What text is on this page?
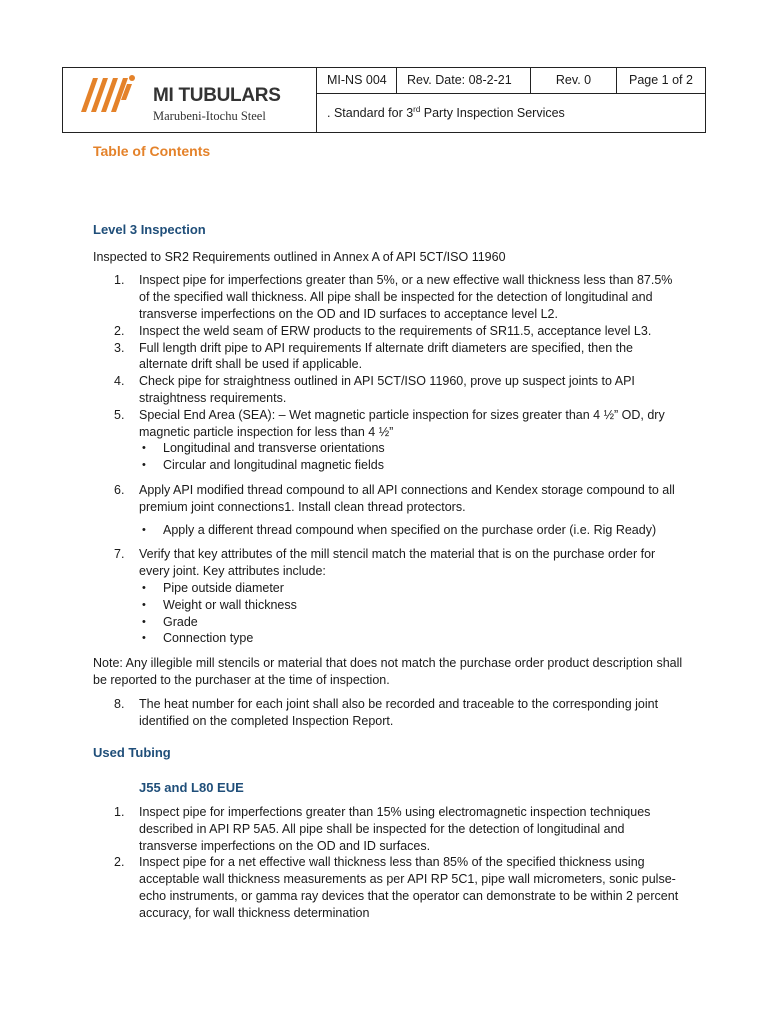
MI TUBULARS
Marubeni-Itochu Steel
MI-NS 004	Rev. Date: 08-2-21	Rev. 0	Page 1 of 2
. Standard for 3rd Party Inspection Services
Table of Contents
Level 3 Inspection

Inspected to SR2 Requirements outlined in Annex A of API 5CT/ISO 11960

1. Inspect pipe for imperfections greater than 5%, or a new effective wall thickness less than 87.5% of the specified wall thickness. All pipe shall be inspected for the detection of longitudinal and transverse imperfections on the OD and ID surfaces to acceptance level L2.
2. Inspect the weld seam of ERW products to the requirements of SR11.5, acceptance level L3.
3. Full length drift pipe to API requirements If alternate drift diameters are specified, then the alternate drift shall be used if applicable.
4. Check pipe for straightness outlined in API 5CT/ISO 11960, prove up suspect joints to API straightness requirements.
5. Special End Area (SEA): – Wet magnetic particle inspection for sizes greater than 4 ½” OD, dry magnetic particle inspection for less than 4 ½”
• Longitudinal and transverse orientations
• Circular and longitudinal magnetic fields
6. Apply API modified thread compound to all API connections and Kendex storage compound to all premium joint connections1. Install clean thread protectors.
• Apply a different thread compound when specified on the purchase order (i.e. Rig Ready)
7. Verify that key attributes of the mill stencil match the material that is on the purchase order for every joint. Key attributes include:
• Pipe outside diameter
• Weight or wall thickness
• Grade
• Connection type

Note: Any illegible mill stencils or material that does not match the purchase order product description shall be reported to the purchaser at the time of inspection.

8. The heat number for each joint shall also be recorded and traceable to the corresponding joint identified on the completed Inspection Report.
Used Tubing
J55 and L80 EUE
1. Inspect pipe for imperfections greater than 15% using electromagnetic inspection techniques described in API RP 5A5. All pipe shall be inspected for the detection of longitudinal and transverse imperfections on the OD and ID surfaces.
2. Inspect pipe for a net effective wall thickness less than 85% of the specified thickness using acceptable wall thickness measurements as per API RP 5C1, pipe wall micrometers, sonic pulse-echo instruments, or gamma ray devices that the operator can demonstrate to be within 2 percent accuracy, for wall thickness determination
